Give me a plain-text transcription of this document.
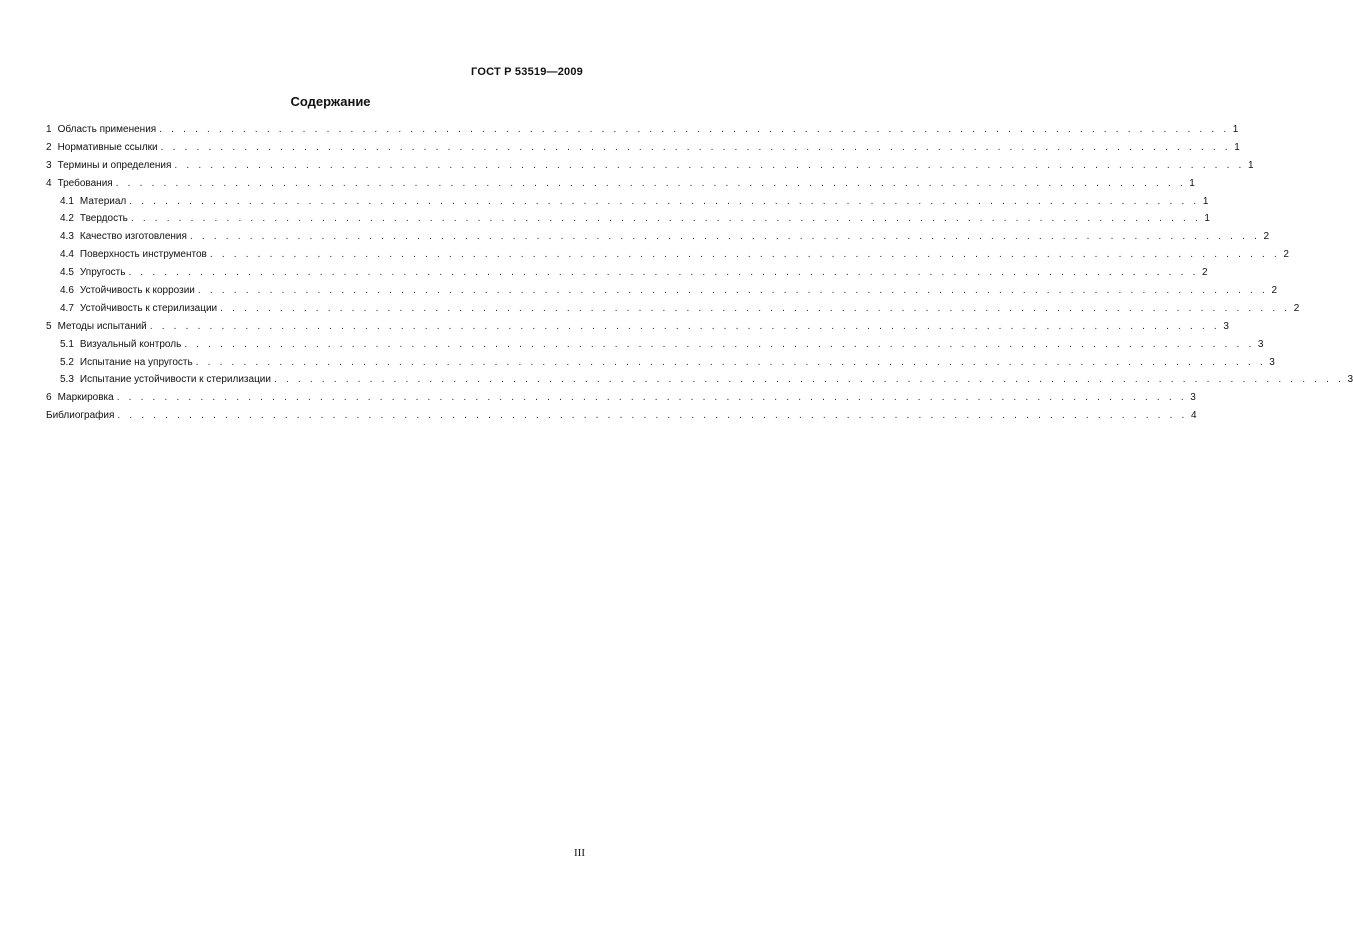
ГОСТ Р 53519—2009
Содержание
1 Область применения . . . . . . . . . . . . . . . . . . . . . . . . . . . . . . . . . . . . . . . . . . . . . . . . . . . . . . . . . . . . . . . . . . . . . . . . . . . . . . . . . . . . . . . . . . 1
2 Нормативные ссылки . . . . . . . . . . . . . . . . . . . . . . . . . . . . . . . . . . . . . . . . . . . . . . . . . . . . . . . . . . . . . . . . . . . . . . . . . . . . . . . . . . . . . . . . . . 1
3 Термины и определения . . . . . . . . . . . . . . . . . . . . . . . . . . . . . . . . . . . . . . . . . . . . . . . . . . . . . . . . . . . . . . . . . . . . . . . . . . . . . . . . . . . . . . . . . . 1
4 Требования . . . . . . . . . . . . . . . . . . . . . . . . . . . . . . . . . . . . . . . . . . . . . . . . . . . . . . . . . . . . . . . . . . . . . . . . . . . . . . . . . . . . . . . . . . 1
4.1 Материал . . . . . . . . . . . . . . . . . . . . . . . . . . . . . . . . . . . . . . . . . . . . . . . . . . . . . . . . . . . . . . . . . . . . . . . . . . . . . . . . . . . . . . . . . . 1
4.2 Твердость . . . . . . . . . . . . . . . . . . . . . . . . . . . . . . . . . . . . . . . . . . . . . . . . . . . . . . . . . . . . . . . . . . . . . . . . . . . . . . . . . . . . . . . . . . 1
4.3 Качество изготовления . . . . . . . . . . . . . . . . . . . . . . . . . . . . . . . . . . . . . . . . . . . . . . . . . . . . . . . . . . . . . . . . . . . . . . . . . . . . . . . . . . . . . . . . . . 2
4.4 Поверхность инструментов . . . . . . . . . . . . . . . . . . . . . . . . . . . . . . . . . . . . . . . . . . . . . . . . . . . . . . . . . . . . . . . . . . . . . . . . . . . . . . . . . . . . . . . . . . 2
4.5 Упругость . . . . . . . . . . . . . . . . . . . . . . . . . . . . . . . . . . . . . . . . . . . . . . . . . . . . . . . . . . . . . . . . . . . . . . . . . . . . . . . . . . . . . . . . . . 2
4.6 Устойчивость к коррозии . . . . . . . . . . . . . . . . . . . . . . . . . . . . . . . . . . . . . . . . . . . . . . . . . . . . . . . . . . . . . . . . . . . . . . . . . . . . . . . . . . . . . . . . . . 2
4.7 Устойчивость к стерилизации . . . . . . . . . . . . . . . . . . . . . . . . . . . . . . . . . . . . . . . . . . . . . . . . . . . . . . . . . . . . . . . . . . . . . . . . . . . . . . . . . . . . . . . . . . 2
5 Методы испытаний . . . . . . . . . . . . . . . . . . . . . . . . . . . . . . . . . . . . . . . . . . . . . . . . . . . . . . . . . . . . . . . . . . . . . . . . . . . . . . . . . . . . . . . . . . 3
5.1 Визуальный контроль . . . . . . . . . . . . . . . . . . . . . . . . . . . . . . . . . . . . . . . . . . . . . . . . . . . . . . . . . . . . . . . . . . . . . . . . . . . . . . . . . . . . . . . . . . 3
5.2 Испытание на упругость . . . . . . . . . . . . . . . . . . . . . . . . . . . . . . . . . . . . . . . . . . . . . . . . . . . . . . . . . . . . . . . . . . . . . . . . . . . . . . . . . . . . . . . . . . 3
5.3 Испытание устойчивости к стерилизации . . . . . . . . . . . . . . . . . . . . . . . . . . . . . . . . . . . . . . . . . . . . . . . . . . . . . . . . . . . . . . . . . . . . . . . . . . . . . . . . . . . . . . . . . . 3
6 Маркировка . . . . . . . . . . . . . . . . . . . . . . . . . . . . . . . . . . . . . . . . . . . . . . . . . . . . . . . . . . . . . . . . . . . . . . . . . . . . . . . . . . . . . . . . . . 3
Библиография . . . . . . . . . . . . . . . . . . . . . . . . . . . . . . . . . . . . . . . . . . . . . . . . . . . . . . . . . . . . . . . . . . . . . . . . . . . . . . . . . . . . . . . . . . 4
III
